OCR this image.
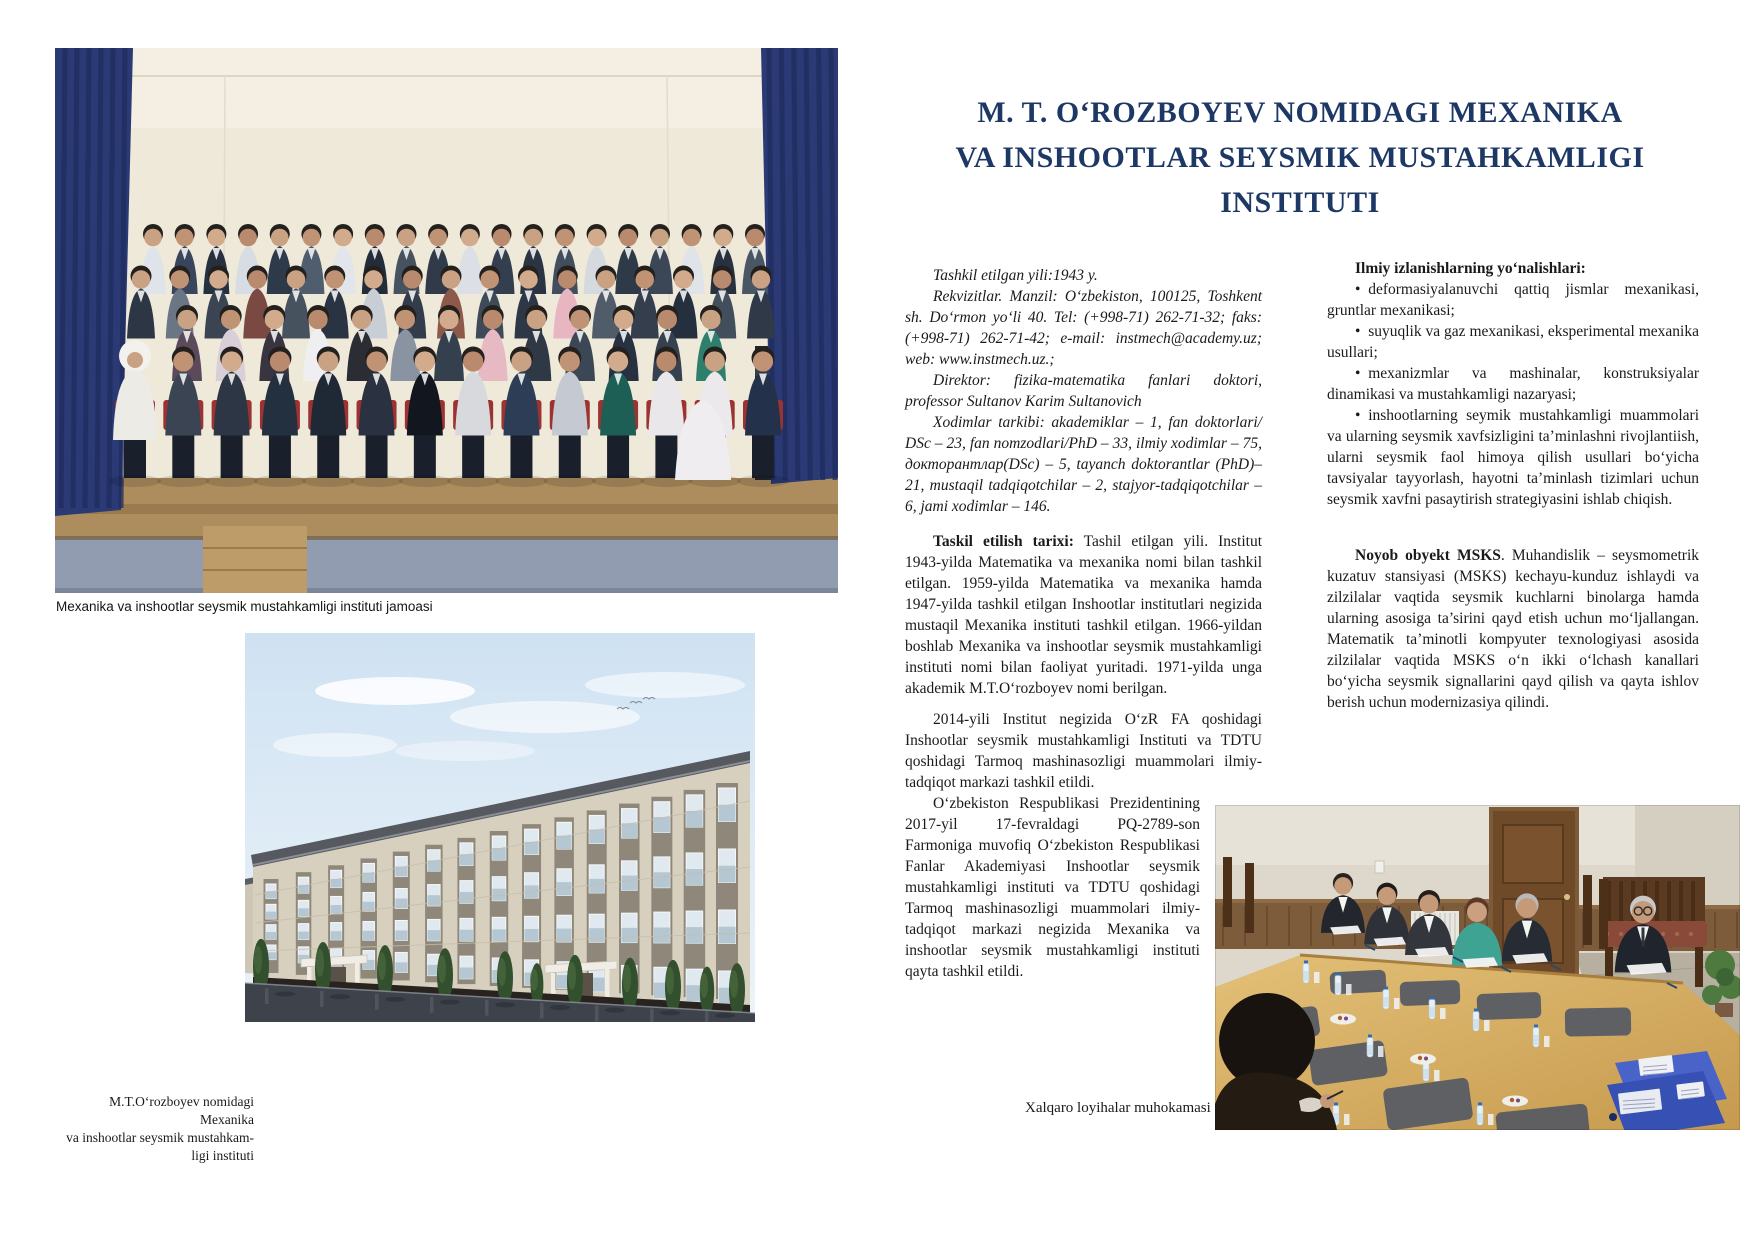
Mexanika va inshootlar seysmik mustahkamligi instituti jamoasi
M.T.O‘rozboyev nomidagi Mexanika
va inshootlar seysmik mustahkam-
ligi instituti
M. T. O‘ROZBOYEV NOMIDAGI MEXANIKA
VA INSHOOTLAR SEYSMIK MUSTAHKAMLIGI
INSTITUTI

Tashkil etilgan yili:1943 y.

Rekvizitlar. Manzil: O‘zbekiston, 100125, Toshkent sh. Do‘rmon yo‘li 40. Tel: (+998-71) 262-71-32; faks: (+998-71) 262-71-42; e-mail: instmech@academy.uz; web: www.instmech.uz.;

Direktor: fizika-matematika fanlari doktori, professor Sultanov Karim Sultanovich

Xodimlar tarkibi: akademiklar – 1, fan doktorlari/ DSc – 23, fan nomzodlari/PhD – 33, ilmiy xodimlar – 75, докторантлар(DSc) – 5, tayanch doktorantlar (PhD)– 21, mustaqil tadqiqotchilar – 2, stajyor-tadqiqotchilar – 6, jami xodimlar – 146.

Taskil etilish tarixi: Tashil etilgan yili. Institut 1943-yilda Matematika va mexanika nomi bilan tashkil etilgan. 1959-yilda Matematika va mexanika hamda 1947-yilda tashkil etilgan Inshootlar institutlari negizida mustaqil Mexanika instituti tashkil etilgan. 1966-yildan boshlab Mexanika va inshootlar seysmik mustahkamligi instituti nomi bilan faoliyat yuritadi. 1971-yilda unga akademik M.T.O‘rozboyev nomi berilgan.

2014-yili Institut negizida O‘zR FA qoshidagi Inshootlar seysmik mustahkamligi Instituti va TDTU qoshidagi Tarmoq mashinasozligi muammolari ilmiy-tadqiqot markazi tashkil etildi.

O‘zbekiston Respublikasi Prezidentining 2017-yil 17-fevraldagi PQ-2789-son Farmoniga muvofiq O‘zbekiston Respublikasi Fanlar Akademiyasi Inshootlar seysmik mustahkamligi instituti va TDTU qoshidagi Tarmoq mashinasozligi muammolari ilmiy-tadqiqot markazi negizida Mexanika va inshootlar seysmik mustahkamligi instituti qayta tashkil etildi.

Ilmiy izlanishlarning yo‘nalishlari:

• deformasiyalanuvchi qattiq jismlar mexanikasi, gruntlar mexanikasi;

• suyuqlik va gaz mexanikasi, eksperimental mexanika usullari;

• mexanizmlar va mashinalar, konstruksiyalar dinamikasi va mustahkamligi nazaryasi;

• inshootlarning seymik mustahkamligi muammolari va ularning seysmik xavfsizligini ta’minlashni rivojlantiish, ularni seysmik faol himoya qilish usullari bo‘yicha tavsiyalar tayyorlash, hayotni ta’minlash tizimlari uchun seysmik xavfni pasaytirish strategiyasini ishlab chiqish.

Noyob obyekt MSKS. Muhandislik – seysmometrik kuzatuv stansiyasi (MSKS) kechayu-kunduz ishlaydi va zilzilalar vaqtida seysmik kuchlarni binolarga hamda ularning asosiga ta’sirini qayd etish uchun mo‘ljallangan. Matematik ta’minotli kompyuter texnologiyasi asosida zilzilalar vaqtida MSKS o‘n ikki o‘lchash kanallari bo‘yicha seysmik signallarini qayd qilish va qayta ishlov berish uchun modernizasiya qilindi.

Xalqaro loyihalar muhokamasi
